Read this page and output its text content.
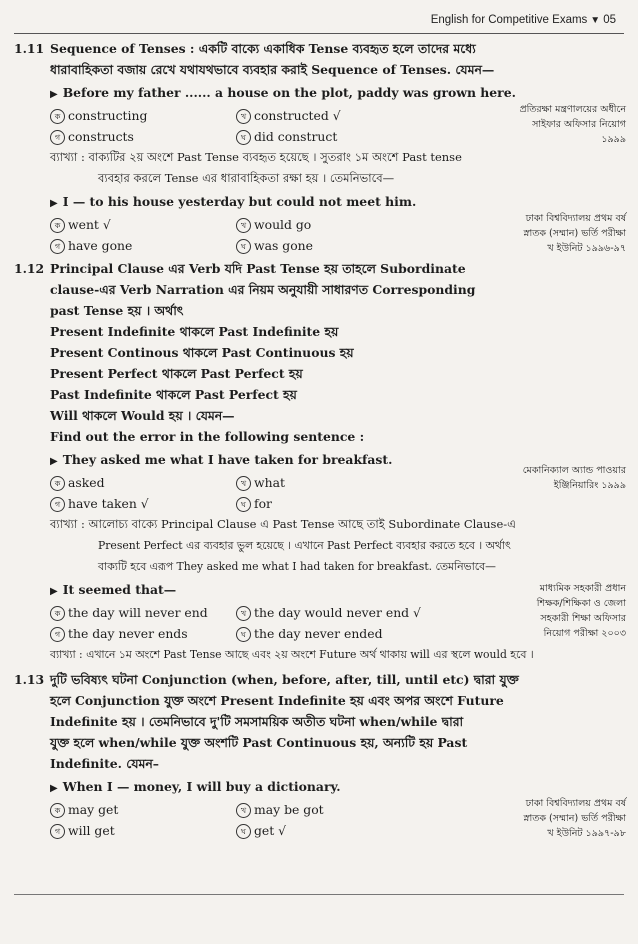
English for Competitive Exams ▼ 05
1.11 Sequence of Tenses : একটি বাক্যে একাধিক Tense ব্যবহৃত হলে তাদের মধ্যে
ধারাবাহিকতা বজায় রেখে যথাযথভাবে ব্যবহার করাই Sequence of Tenses. যেমন—
▶ Before my father ...... a house on the plot, paddy was grown here.
প্রতিরক্ষা মন্ত্রণালয়ের অধীনে
সাইফার অফিসার নিয়োগ
১৯৯৯
ক constructing	খ constructed √
গ constructs	ঘ did construct
ব্যাখ্যা : বাক্যটির ২য় অংশে Past Tense ব্যবহৃত হয়েছে । সুতরাং ১ম অংশে Past tense
ব্যবহার করলে Tense এর ধারাবাহিকতা রক্ষা হয় । তেমনিভাবে—
▶ I — to his house yesterday but could not meet him.
ঢাকা বিশ্ববিদ্যালয় প্রথম বর্ষ
স্নাতক (সম্মান) ভর্তি পরীক্ষা
খ ইউনিট ১৯৯৬-৯৭
ক went √	খ would go
গ have gone	ঘ was gone
1.12 Principal Clause এর Verb যদি Past Tense হয় তাহলে Subordinate
clause-এর Verb Narration এর নিয়ম অনুযায়ী সাধারণত Corresponding
past Tense হয় । অর্থাৎ
Present Indefinite থাকলে Past Indefinite হয়
Present Continous থাকলে Past Continuous হয়
Present Perfect থাকলে Past Perfect হয়
Past Indefinite থাকলে Past Perfect হয়
Will থাকলে Would হয় । যেমন—
Find out the error in the following sentence :
▶ They asked me what I have taken for breakfast.
মেকানিক্যাল অ্যান্ড পাওয়ার
ইঞ্জিনিয়ারিং ১৯৯৯
ক asked	খ what
গ have taken √	ঘ for
ব্যাখ্যা : আলোচ্য বাক্যে Principal Clause এ Past Tense আছে তাই Subordinate Clause-এ
Present Perfect এর ব্যবহার ভুল হয়েছে । এখানে Past Perfect ব্যবহার করতে হবে । অর্থাৎ
বাক্যটি হবে এরূপ They asked me what I had taken for breakfast. তেমনিভাবে—
▶ It seemed that—	মাধ্যমিক সহকারী প্রধান
শিক্ষক/শিক্ষিকা ও জেলা
সহকারী শিক্ষা অফিসার
নিয়োগ পরীক্ষা ২০০৩
ক the day will never end	খ the day would never end √
গ the day never ends	ঘ the day never ended
ব্যাখ্যা : এখানে ১ম অংশে Past Tense আছে এবং ২য় অংশে Future অর্থ থাকায় will এর স্থলে would হবে ।
1.13 দুটি ভবিষ্যৎ ঘটনা Conjunction (when, before, after, till, until etc) দ্বারা যুক্ত
হলে Conjunction যুক্ত অংশে Present Indefinite হয় এবং অপর অংশে Future
Indefinite হয় । তেমনিভাবে দু'টি সমসাময়িক অতীত ঘটনা when/while দ্বারা
যুক্ত হলে when/while যুক্ত অংশটি Past Continuous হয়, অন্যটি হয় Past
Indefinite. যেমন–
▶ When I — money, I will buy a dictionary.
ঢাকা বিশ্ববিদ্যালয় প্রথম বর্ষ
স্নাতক (সম্মান) ভর্তি পরীক্ষা
খ ইউনিট ১৯৯৭-৯৮
ক may get	খ may be got
গ will get	ঘ get √
